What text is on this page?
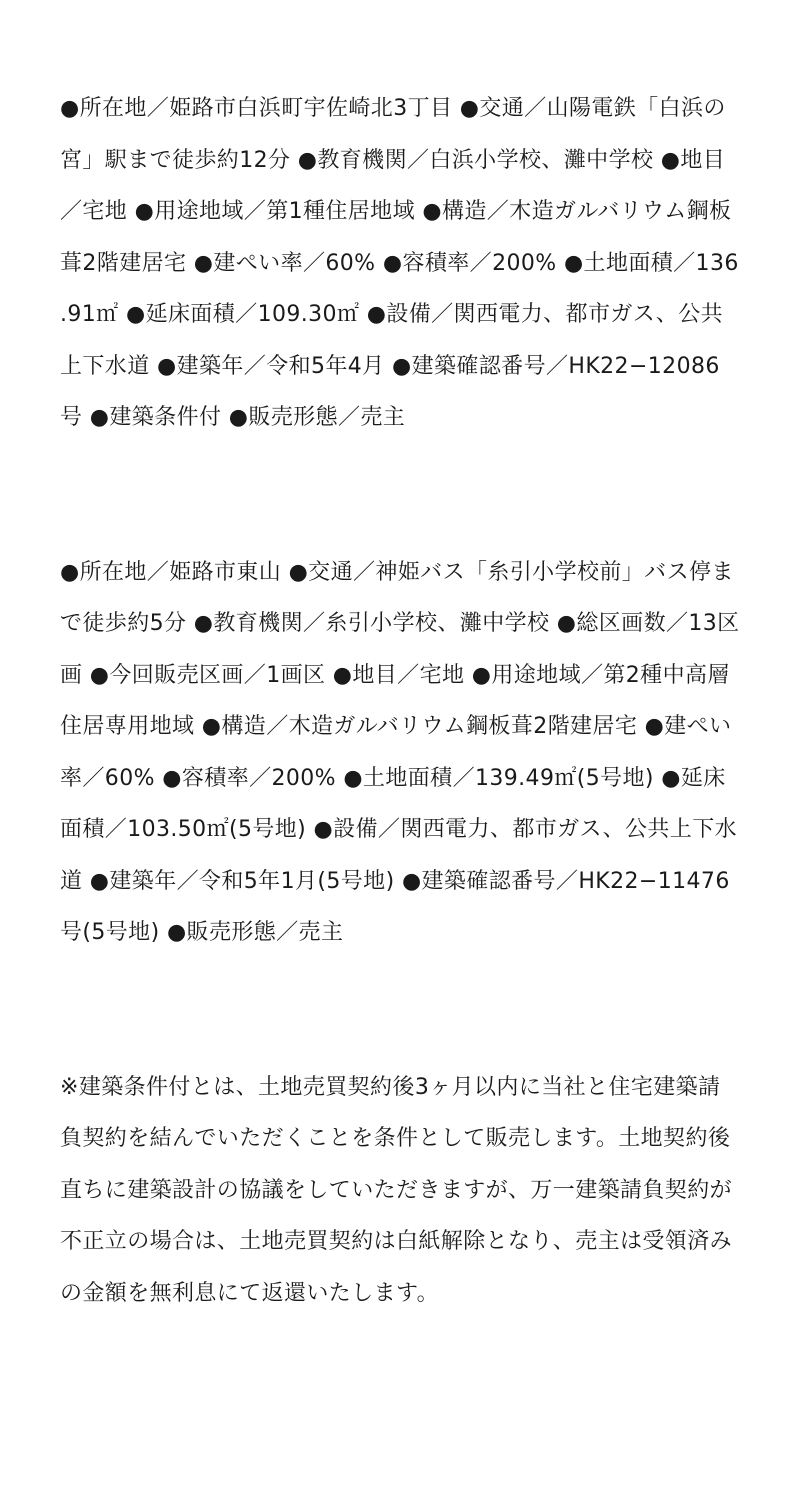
●所在地／姫路市白浜町宇佐崎北3丁目 ●交通／山陽電鉄「白浜の宮」駅まで徒歩約12分 ●教育機関／白浜小学校、灘中学校 ●地目／宅地 ●用途地域／第1種住居地域 ●構造／木造ガルバリウム鋼板葺2階建居宅 ●建ぺい率／60% ●容積率／200% ●土地面積／136.91㎡ ●延床面積／109.30㎡ ●設備／関西電力、都市ガス、公共上下水道 ●建築年／令和5年4月 ●建築確認番号／HK22−12086号 ●建築条件付 ●販売形態／売主

●所在地／姫路市東山 ●交通／神姫バス「糸引小学校前」バス停まで徒歩約5分 ●教育機関／糸引小学校、灘中学校 ●総区画数／13区画 ●今回販売区画／1画区 ●地目／宅地 ●用途地域／第2種中高層住居専用地域 ●構造／木造ガルバリウム鋼板葺2階建居宅 ●建ぺい率／60% ●容積率／200% ●土地面積／139.49㎡(5号地) ●延床面積／103.50㎡(5号地) ●設備／関西電力、都市ガス、公共上下水道 ●建築年／令和5年1月(5号地) ●建築確認番号／HK22−11476号(5号地) ●販売形態／売主

※建築条件付とは、土地売買契約後3ヶ月以内に当社と住宅建築請負契約を結んでいただくことを条件として販売します。土地契約後直ちに建築設計の協議をしていただきますが、万一建築請負契約が不正立の場合は、土地売買契約は白紙解除となり、売主は受領済みの金額を無利息にて返還いたします。
